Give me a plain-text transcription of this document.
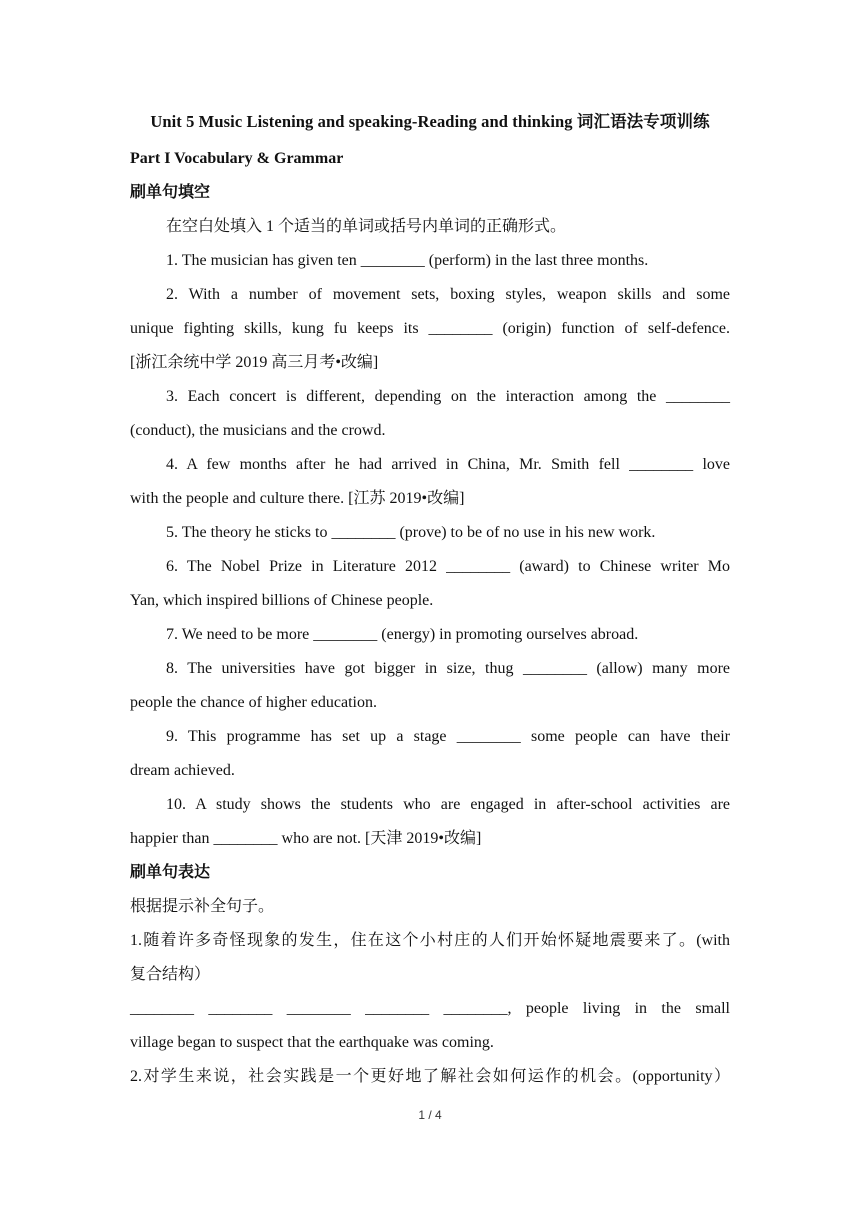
Unit 5 Music Listening and speaking-Reading and thinking 词汇语法专项训练
Part I Vocabulary & Grammar
刷单句填空
在空白处填入 1 个适当的单词或括号内单词的正确形式。
1. The musician has given ten ________ (perform) in the last three months.
2. With a number of movement sets, boxing styles, weapon skills and some
unique fighting skills, kung fu keeps its ________ (origin) function of self-defence.
[浙江余统中学 2019 高三月考•改编]
3. Each concert is different, depending on the interaction among the ________
(conduct), the musicians and the crowd.
4. A few months after he had arrived in China, Mr. Smith fell ________ love
with the people and culture there. [江苏 2019•改编]
5. The theory he sticks to ________ (prove) to be of no use in his new work.
6. The Nobel Prize in Literature 2012 ________ (award) to Chinese writer Mo
Yan, which inspired billions of Chinese people.
7. We need to be more ________ (energy) in promoting ourselves abroad.
8. The universities have got bigger in size, thug ________ (allow) many more
people the chance of higher education.
9. This programme has set up a stage ________ some people can have their
dream achieved.
10. A study shows the students who are engaged in after-school activities are
happier than ________ who are not. [天津 2019•改编]
刷单句表达
根据提示补全句子。
1.随着许多奇怪现象的发生，住在这个小村庄的人们开始怀疑地震要来了。(with
复合结构）
________ ________ ________ ________ ________, people living in the small
village began to suspect that the earthquake was coming.
2.对学生来说，社会实践是一个更好地了解社会如何运作的机会。(opportunity）
1 / 4
